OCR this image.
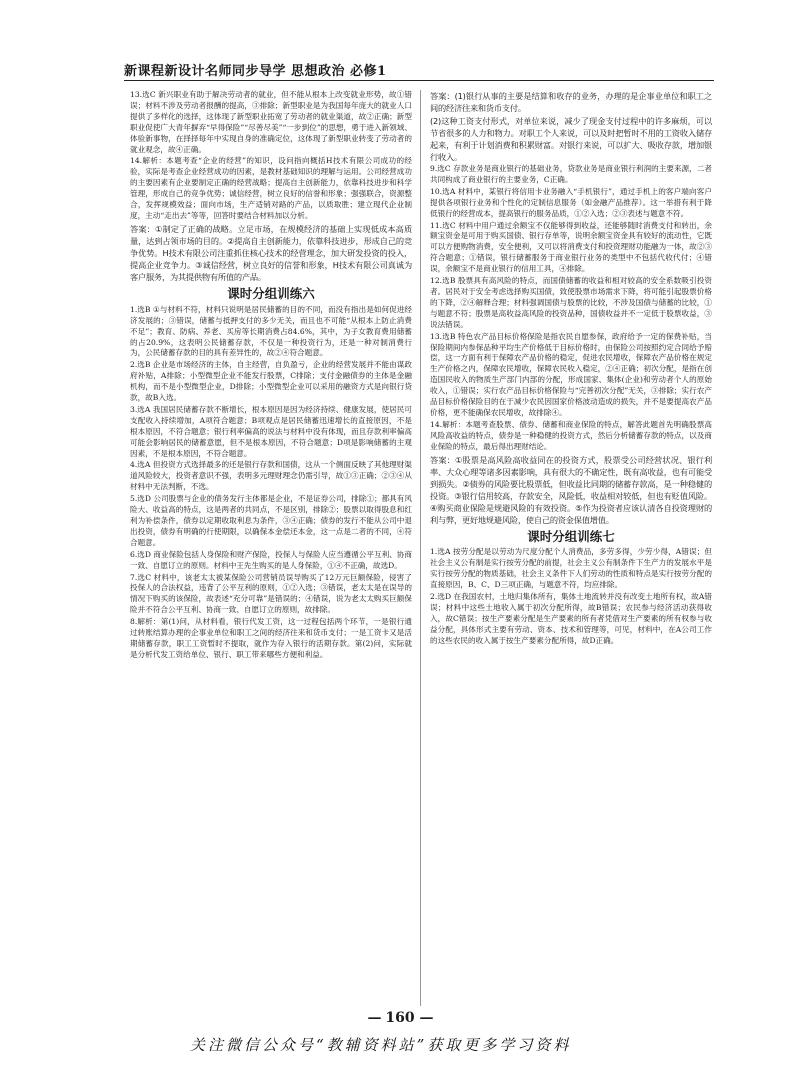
新课程新设计名师同步导学 思想政治 必修1

13.选C 新兴职业有助于解决劳动者的就业，但不能从根本上改变就业形势，故①错误；材料不涉及劳动者报酬的提高，③排除；新型职业是为我国每年庞大的就业人口提供了多样化的选择，这体现了新型职业拓宽了劳动者的就业渠道，故②正确；新型职业促使广大青年摒弃“早得保险”“尽善尽美”“一步到位”的思想，勇于进入新领域、体验新事物，在择择每年中实现自身的准确定位，这体现了新型职业转变了劳动者的就业观念，故④正确。

14.解析：本题考查“企业的经营”的知识，设问指向概括H技术有限公司成功的经验，实际是考查企业经营成功的因素，是教材基础知识的理解与运用。公司经营成功的主要因素有企业要制定正确的经营战略；提高自主创新能力，依靠科技进步和科学管理，形成自己的竞争优势；诚信经营，树立良好的信誉和形象；强强联合，资源整合，发挥规模效益；面向市场，生产适销对路的产品，以质取胜；建立现代企业制度，主动“走出去”等等，回答时要结合材料加以分析。

答案：①制定了正确的战略。立足市场，在规模经济的基础上实现低成本高质量，达到占领市场的目的。②提高自主创新能力，依靠科技进步，形成自己的竞争优势。H技术有限公司注重抓住核心技术的经营理念，加大研发投资的投入，提高企业竞争力。③诚信经营，树立良好的信誉和形象，H技术有限公司真诚为客户服务，为其提供物有所值的产品。

课时分组训练六

1.选B ①与材料不符，材料只说明是居民储蓄的目的不同，而没有指出是如何促进经济发展的；③错误，储蓄与抵押支付的多少无关，而且也不可能“从根本上防止消费不足”；教育、防病、养老、买房等长期消费占84.6%，其中，为子女教育费用储蓄的占20.9%，这表明公民储蓄存款，不仅是一种投资行为，还是一种对制消费行为，公民储蓄存款的目的具有差异性的，故②④符合题意。

2.选B 企业是市场经济的主体，自主经营，自负盈亏，企业的经营发展并不能由谋政府补贴，A排除；小型微型企业不能发行股票，C排除；支付金融债券的主体是金融机构，而不是小型微型企业，D排除；小型微型企业可以采用的融资方式是向银行贷款，故B入选。

3.选A 我国居民储蓄存款不断增长，根本原因是因为经济持续、健康发展，使居民可支配收入持续增加，A项符合题意；B项观点是居民储蓄迅速增长的直接原因，不是根本原因，不符合题意；银行利率偏高的说法与材料中没有体现，而且存款利率偏高可能会影响居民的储蓄意愿，但不是根本原因，不符合题意；D项是影响储蓄的主观因素，不是根本原因，不符合题意。

4.选A 但投资方式选择最多的还是银行存款和国债，这从一个侧面反映了其他理财渠道风险较大，投资者意识不强，表明多元理财理念仍需引导，故①③正确；②③④从材料中无法判断，不选。

5.选D 公司股票与企业的债务发行主体都是企业，不是证券公司，排除①；都具有风险大、收益高的特点，这是两者的共同点，不是区别，排除②；股票以取得股息和红利为补偿条件，债券以定期收取利息为条件，③④正确；债券的发行不能从公司中退出投资，债券有明确的行使期限，以确保本金偿还本金，这一点是二者的不同，④符合题意。

6.选D 商业保险包括人身保险和财产保险，投保人与保险人应当遵循公平互利、协商一致、自愿订立的原则。材料中王先生购买的是人身保险，①④不正确，故选D。

7.选C 材料中，该老太太被某保险公司营销员误导购买了12万元巨额保险，侵害了投保人的合法权益，违背了公平互利的原则，①②入选；③错误，老太太是在误导的情况下购买的该保险，故表述“充分可靠”是错误的；④错误，说为老太太购买巨额保险并不符合公平互利、协商一致、自愿订立的原则，故排除。

8.解析：第(1)问，从材料看，银行代发工资，这一过程包括两个环节，一是银行通过转账结算办理的企事业单位和职工之间的经济往来和货币支付；一是工资卡又是活期储蓄存款，职工工资暂时不提取，就作为存入银行的活期存款。第(2)问，实际就是分析代发工资给单位、银行、职工带来哪些方便和利益。

答案：(1)银行从事的主要是结算和收存的业务，办理的是企事业单位和职工之间的经济往来和货币支付。

(2)这种工资支付形式，对单位来说，减少了现金支付过程中的许多麻烦，可以节省很多的人力和物力。对职工个人来说，可以及时把暂时不用的工资收入储存起来，有利于计划消费和积累财富。对银行来说，可以扩大、吸收存款，增加银行收入。

9.选C 存款业务是商业银行的基础业务，贷款业务是商业银行利润的主要来源，二者共同构成了商业银行的主要业务，C正确。

10.选A 材料中，某银行将信用卡业务融入“手机银行”，通过手机上的客户端向客户提供各项银行业务和个性化的定制信息服务（如金融产品推荐）。这一举措有利于降低银行的经营成本，提高银行的服务品质，①②入选；②③表述与题意不符。

11.选C 材料中用户通过余额宝不仅能够得到收益，还能够随时消费支付和转出，余额宝资金是可用于购买国债、银行存单等，说明余额宝资金具有较好的流动性，它既可以方便购物消费，安全便利，又可以将消费支付和投资理财功能融为一体，故②③符合题意；①错误，银行储蓄服务于商业银行业务的类型中不包括代收代付；④错误，余额宝不是商业银行的信用工具，④排除。

12.选B 股票具有高风险的特点，而国债储蓄的收益和相对较高的安全系数吸引投资者。居民对于安全考虑选择购买国债，致使股票市场需求下降，将可能引起股票价格的下降，②④解释合理；材料强调国债与股票的比较，不涉及国债与储蓄的比较，①与题意不符；股票是高收益高风险的投资品种，国债收益并不一定低于股票收益，③说法错误。

13.选B 特色农产品目标价格保险是指农民自愿参保，政府给予一定的保费补贴，当保险期间内参保品种平均生产价格低于目标价格时，由保险公司按照约定合同给予赔偿，这一方面有利于保障农产品价格的稳定，促进农民增收，保障农产品价格在规定生产价格之内，保障农民增收，保障农民收入稳定，②④正确；初次分配，是指在创造国民收入的物质生产部门内部的分配，形成国家、集体(企业)和劳动者个人的原始收入，①错误；实行农产品目标价格保险与“完善初次分配”无关，③排除；实行农产品目标价格保险目的在于减少农民因国家价格波动造成的损失，并不是要提高农产品价格，更不能确保农民增收，故排除④。

14.解析：本题考查股票、债券、储蓄和商业保险的特点，解答此题首先明确股票高风险高收益的特点，债券是一种稳健的投资方式，然后分析储蓄存款的特点，以及商业保险的特点，最后得出理财结论。

答案：①股票是高风险高收益同在的投资方式，股票受公司经营状况、银行利率、大众心理等诸多因素影响，具有很大的不确定性，既有高收益，也有可能受到损失。②债券的风险要比股票低，但收益比同期的储蓄存款高，是一种稳健的投资。③银行信用较高，存款安全，风险低，收益相对较低，但也有贬值风险。④购买商业保险是规避风险的有效投资。⑤作为投资者应该认清各自投资理财的利与弊，更好地规避风险，使自己的资金保值增值。

课时分组训练七

1.选A 按劳分配是以劳动为尺度分配个人消费品，多劳多得，少劳少得，A错误；但社会主义公有制是实行按劳分配的前提，社会主义公有制条件下生产力的发展水平是实行按劳分配的物质基础，社会主义条件下人们劳动的性质和特点是实行按劳分配的直接原因，B、C、D三项正确，与题意不符，均应排除。

2.选D 在我国农村，土地归集体所有，集体土地流转并没有改变土地所有权，故A错误；材料中这些土地收入属于初次分配所得，故B错误；农民参与经济活动获得收入，故C错误；按生产要素分配是生产要素的所有者凭借对生产要素的所有权参与收益分配，具体形式主要有劳动、资本、技术和管理等，可见，材料中，在A公司工作的这些农民的收入属于按生产要素分配所得，故D正确。

— 160 —
关注微信公众号“教辅资料站”获取更多学习资料
